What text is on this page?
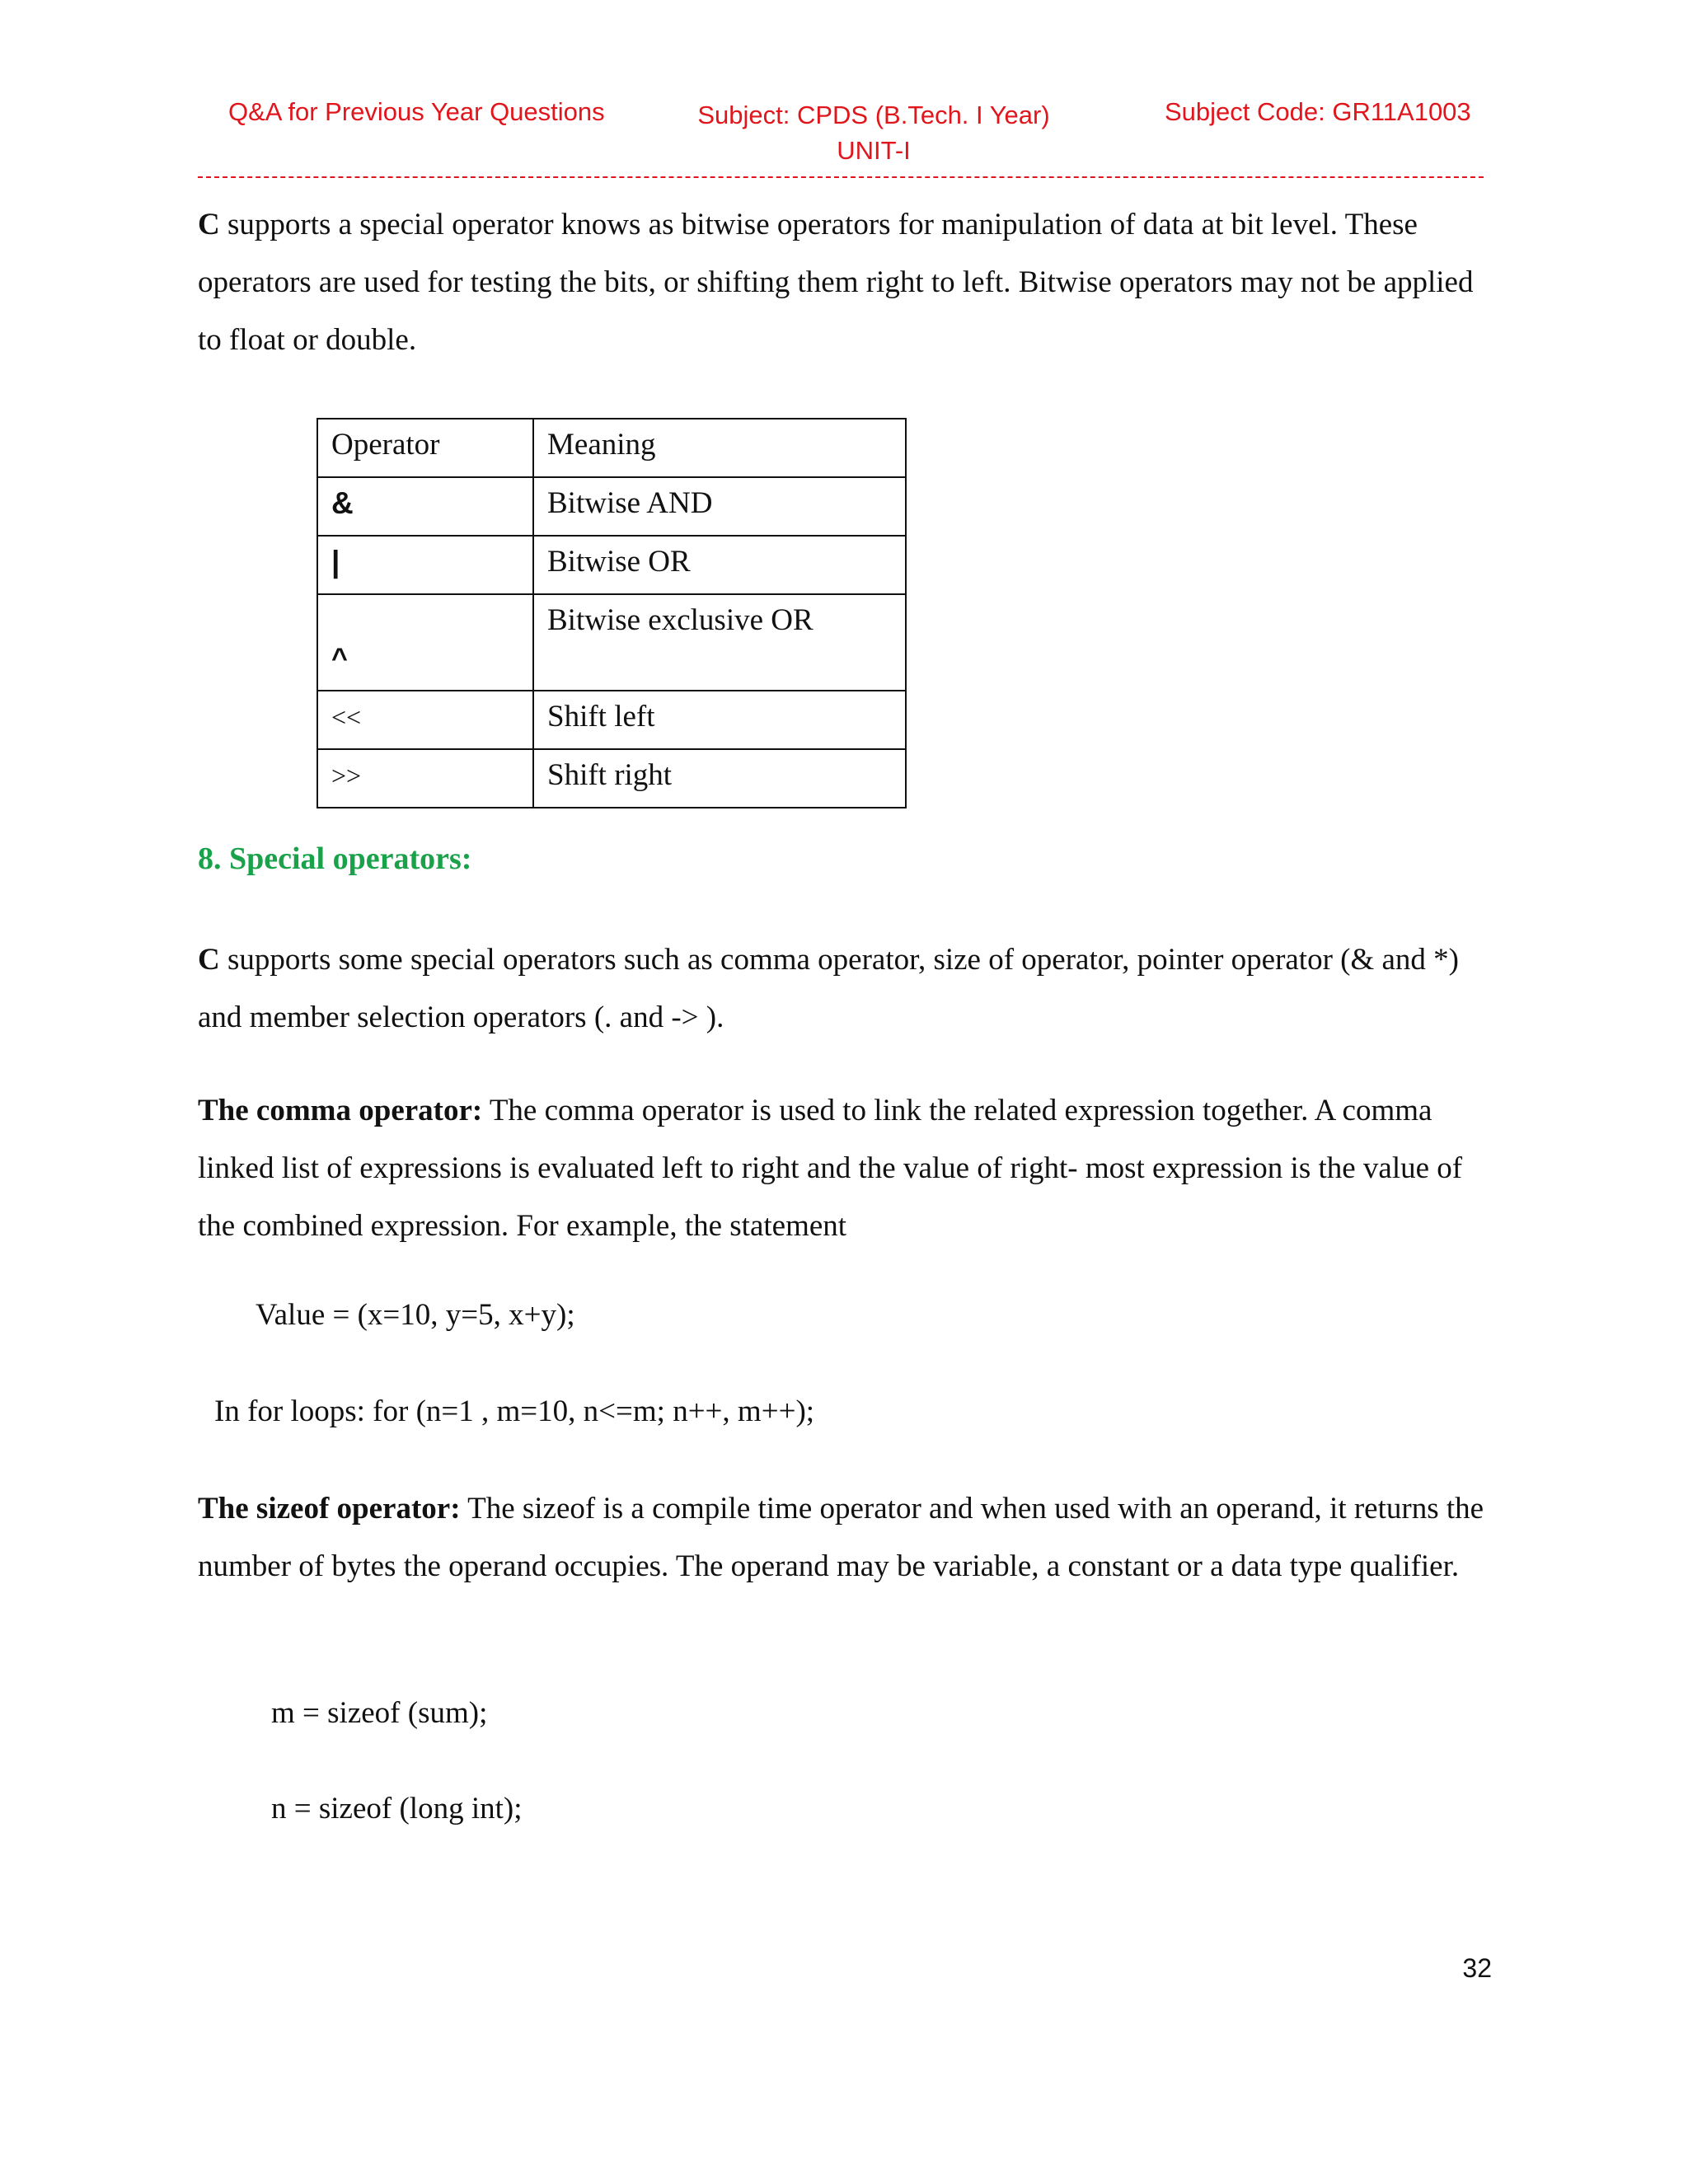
Q&A for Previous Year Questions	Subject: CPDS (B.Tech. I Year)
UNIT-I
Subject Code: GR11A1003

C supports a special operator knows as bitwise operators for manipulation of data at bit level. These operators are used for testing the bits, or shifting them right to left. Bitwise operators may not be applied to float or double.

Operator	Meaning
&	Bitwise AND
|	Bitwise OR
^	Bitwise exclusive OR
<<	Shift left
>>	Shift right
8. Special operators:

C supports some special operators such as comma operator, size of operator, pointer operator (& and *) and member selection operators (. and -> ).

The comma operator: The comma operator is used to link the related expression together. A comma linked list of expressions is evaluated left to right and the value of right- most expression is the value of the combined expression. For example, the statement

Value = (x=10, y=5, x+y);
In for loops: for (n=1 , m=10, n<=m; n++, m++);

The sizeof operator: The sizeof is a compile time operator and when used with an operand, it returns the number of bytes the operand occupies. The operand may be variable, a constant or a data type qualifier.

m = sizeof (sum);
n = sizeof (long int);
32
